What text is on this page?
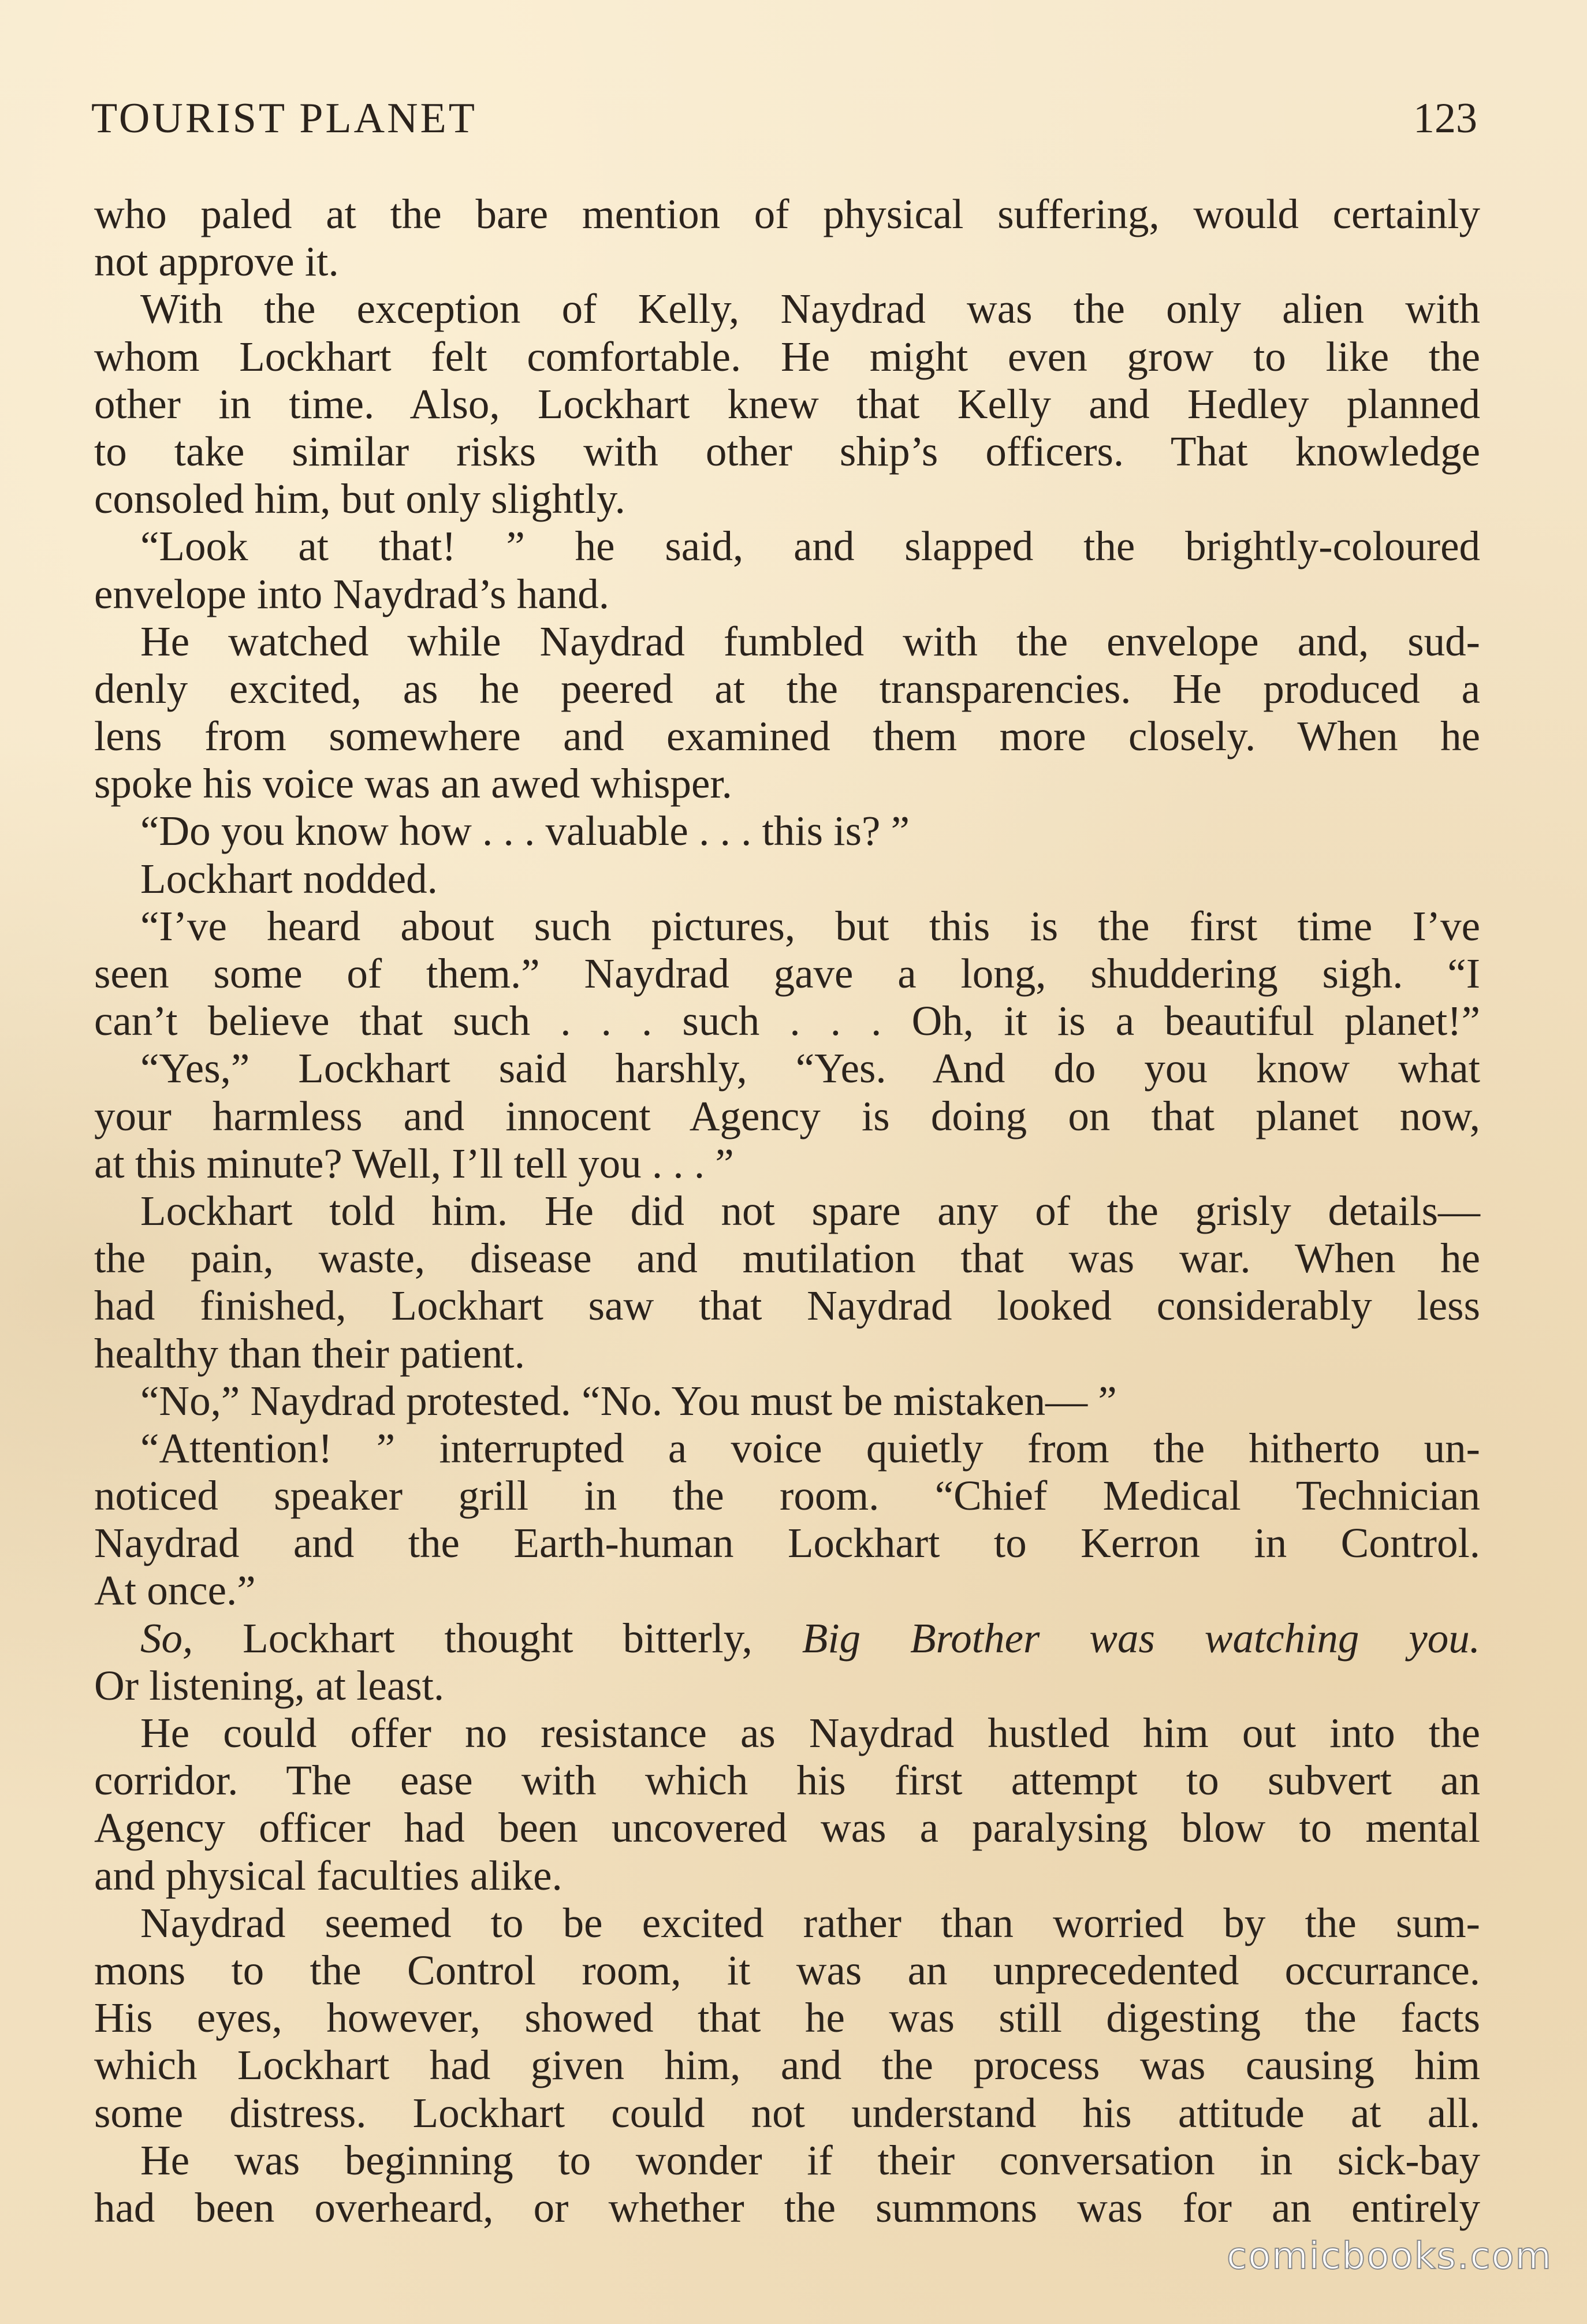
TOURIST PLANET	123
who paled at the bare mention of physical suffering, would certainly
not approve it.
With the exception of Kelly, Naydrad was the only alien with
whom Lockhart felt comfortable. He might even grow to like the
other in time. Also, Lockhart knew that Kelly and Hedley planned
to take similar risks with other ship’s officers. That knowledge
consoled him, but only slightly.
“Look at that! ” he said, and slapped the brightly-coloured
envelope into Naydrad’s hand.
He watched while Naydrad fumbled with the envelope and, sud-
denly excited, as he peered at the transparencies. He produced a
lens from somewhere and examined them more closely. When he
spoke his voice was an awed whisper.
“Do you know how . . . valuable . . . this is? ”
Lockhart nodded.
“I’ve heard about such pictures, but this is the first time I’ve
seen some of them.” Naydrad gave a long, shuddering sigh. “I
can’t believe that such . . . such . . . Oh, it is a beautiful planet!”
“Yes,” Lockhart said harshly, “Yes. And do you know what
your harmless and innocent Agency is doing on that planet now,
at this minute? Well, I’ll tell you . . . ”
Lockhart told him. He did not spare any of the grisly details—
the pain, waste, disease and mutilation that was war. When he
had finished, Lockhart saw that Naydrad looked considerably less
healthy than their patient.
“No,” Naydrad protested. “No. You must be mistaken— ”
“Attention! ” interrupted a voice quietly from the hitherto un-
noticed speaker grill in the room. “Chief Medical Technician
Naydrad and the Earth-human Lockhart to Kerron in Control.
At once.”
So, Lockhart thought bitterly, Big Brother was watching you.
Or listening, at least.
He could offer no resistance as Naydrad hustled him out into the
corridor. The ease with which his first attempt to subvert an
Agency officer had been uncovered was a paralysing blow to mental
and physical faculties alike.
Naydrad seemed to be excited rather than worried by the sum-
mons to the Control room, it was an unprecedented occurrance.
His eyes, however, showed that he was still digesting the facts
which Lockhart had given him, and the process was causing him
some distress. Lockhart could not understand his attitude at all.
He was beginning to wonder if their conversation in sick-bay
had been overheard, or whether the summons was for an entirely
comicbooks.com
